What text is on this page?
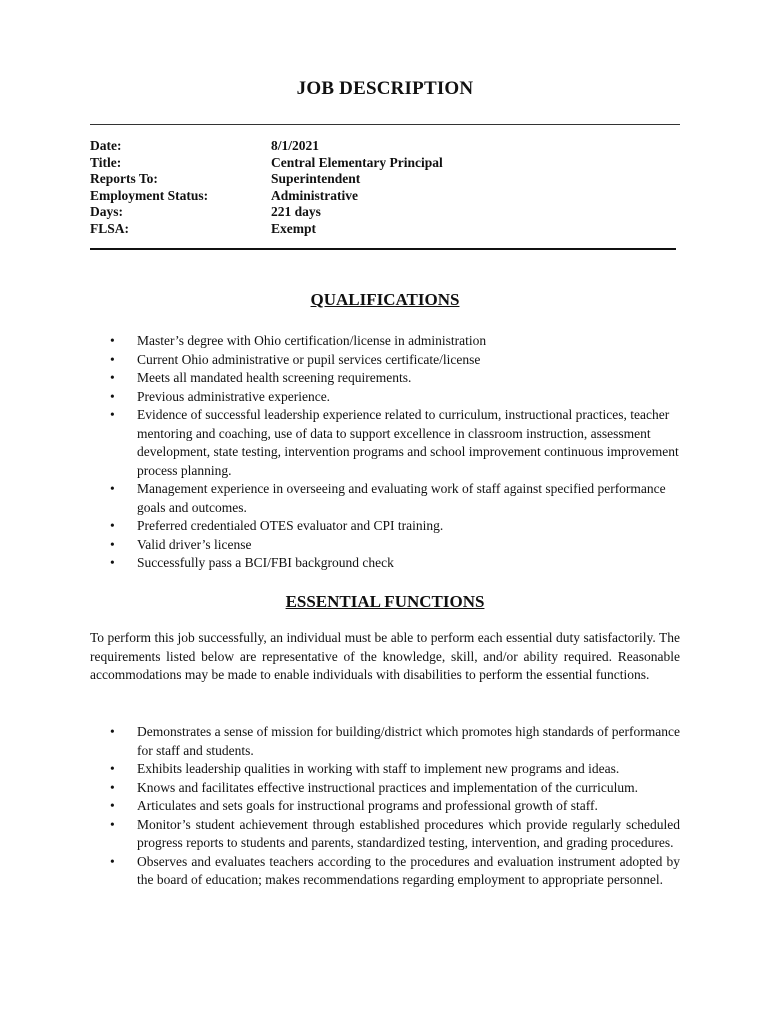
JOB DESCRIPTION
Date:	8/1/2021
Title:	Central Elementary Principal
Reports To:	Superintendent
Employment Status:	Administrative
Days:	221 days
FLSA:	Exempt
QUALIFICATIONS
• Master’s degree with Ohio certification/license in administration
• Current Ohio administrative or pupil services certificate/license
• Meets all mandated health screening requirements.
• Previous administrative experience.
• Evidence of successful leadership experience related to curriculum, instructional practices, teacher mentoring and coaching, use of data to support excellence in classroom instruction, assessment development, state testing, intervention programs and school improvement continuous improvement process planning.
• Management experience in overseeing and evaluating work of staff against specified performance goals and outcomes.
• Preferred credentialed OTES evaluator and CPI training.
• Valid driver’s license
• Successfully pass a BCI/FBI background check
ESSENTIAL FUNCTIONS
To perform this job successfully, an individual must be able to perform each essential duty satisfactorily. The requirements listed below are representative of the knowledge, skill, and/or ability required. Reasonable accommodations may be made to enable individuals with disabilities to perform the essential functions.
• Demonstrates a sense of mission for building/district which promotes high standards of performance for staff and students.
• Exhibits leadership qualities in working with staff to implement new programs and ideas.
• Knows and facilitates effective instructional practices and implementation of the curriculum.
• Articulates and sets goals for instructional programs and professional growth of staff.
• Monitor’s student achievement through established procedures which provide regularly scheduled progress reports to students and parents, standardized testing, intervention, and grading procedures.
• Observes and evaluates teachers according to the procedures and evaluation instrument adopted by the board of education; makes recommendations regarding employment to appropriate personnel.
